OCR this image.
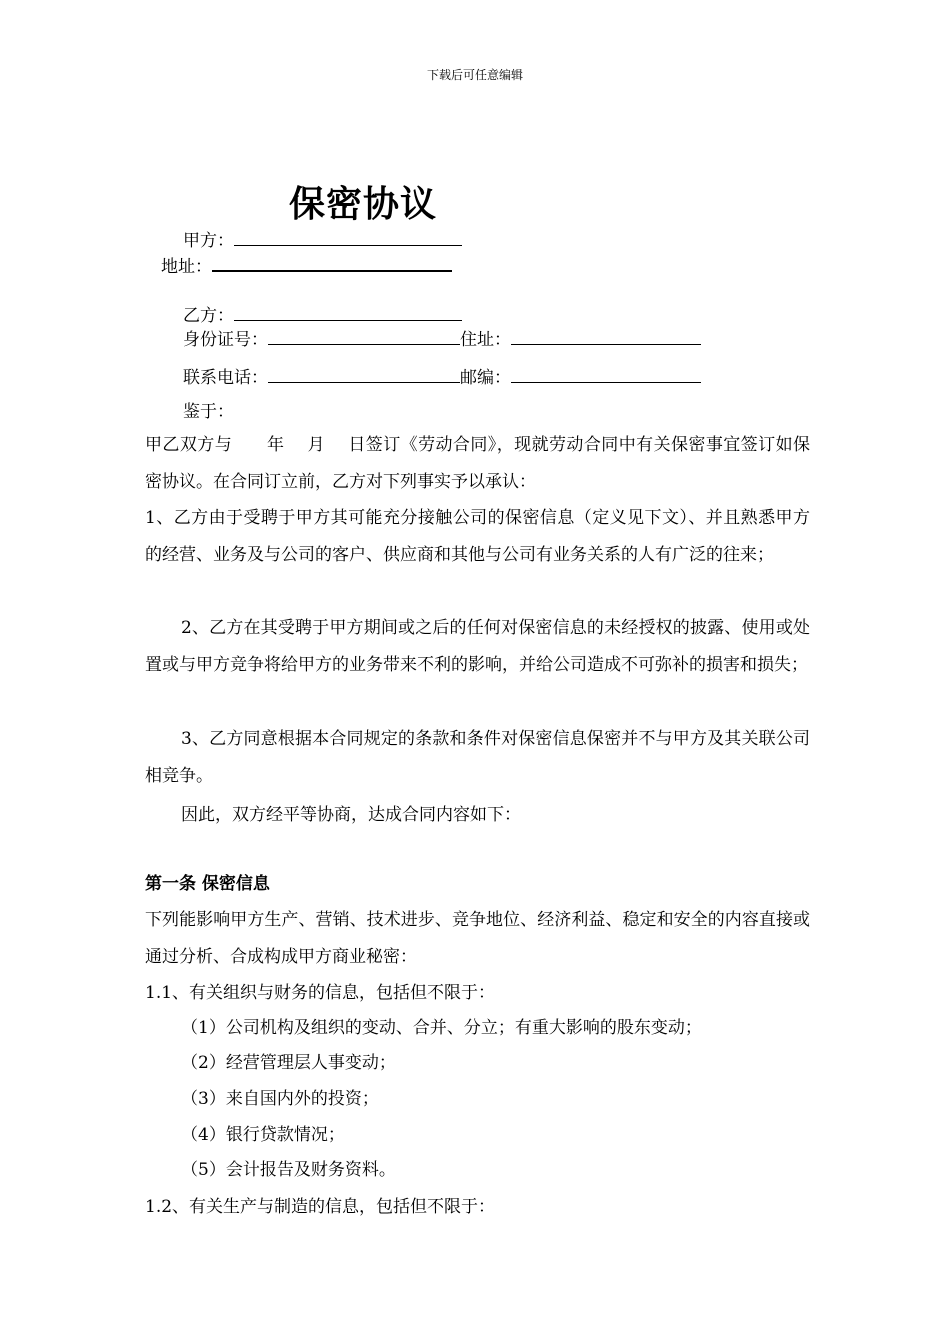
下载后可任意编辑
保密协议
甲方：
地址：
乙方：
身份证号：	住址：
联系电话：	邮编：
鉴于：
甲乙双方与　　年　 月　 日签订《劳动合同》，现就劳动合同中有关保密事宜签订如保密协议。在合同订立前，乙方对下列事实予以承认：
1、乙方由于受聘于甲方其可能充分接触公司的保密信息（定义见下文）、并且熟悉甲方的经营、业务及与公司的客户、供应商和其他与公司有业务关系的人有广泛的往来；
2、乙方在其受聘于甲方期间或之后的任何对保密信息的未经授权的披露、使用或处置或与甲方竞争将给甲方的业务带来不利的影响，并给公司造成不可弥补的损害和损失；
3、乙方同意根据本合同规定的条款和条件对保密信息保密并不与甲方及其关联公司相竞争。
因此，双方经平等协商，达成合同内容如下：
第一条 保密信息
下列能影响甲方生产、营销、技术进步、竞争地位、经济利益、稳定和安全的内容直接或通过分析、合成构成甲方商业秘密：
1.1、有关组织与财务的信息，包括但不限于：
（1）公司机构及组织的变动、合并、分立；有重大影响的股东变动；
（2）经营管理层人事变动；
（3）来自国内外的投资；
（4）银行贷款情况；
（5）会计报告及财务资料。
1.2、有关生产与制造的信息，包括但不限于：
